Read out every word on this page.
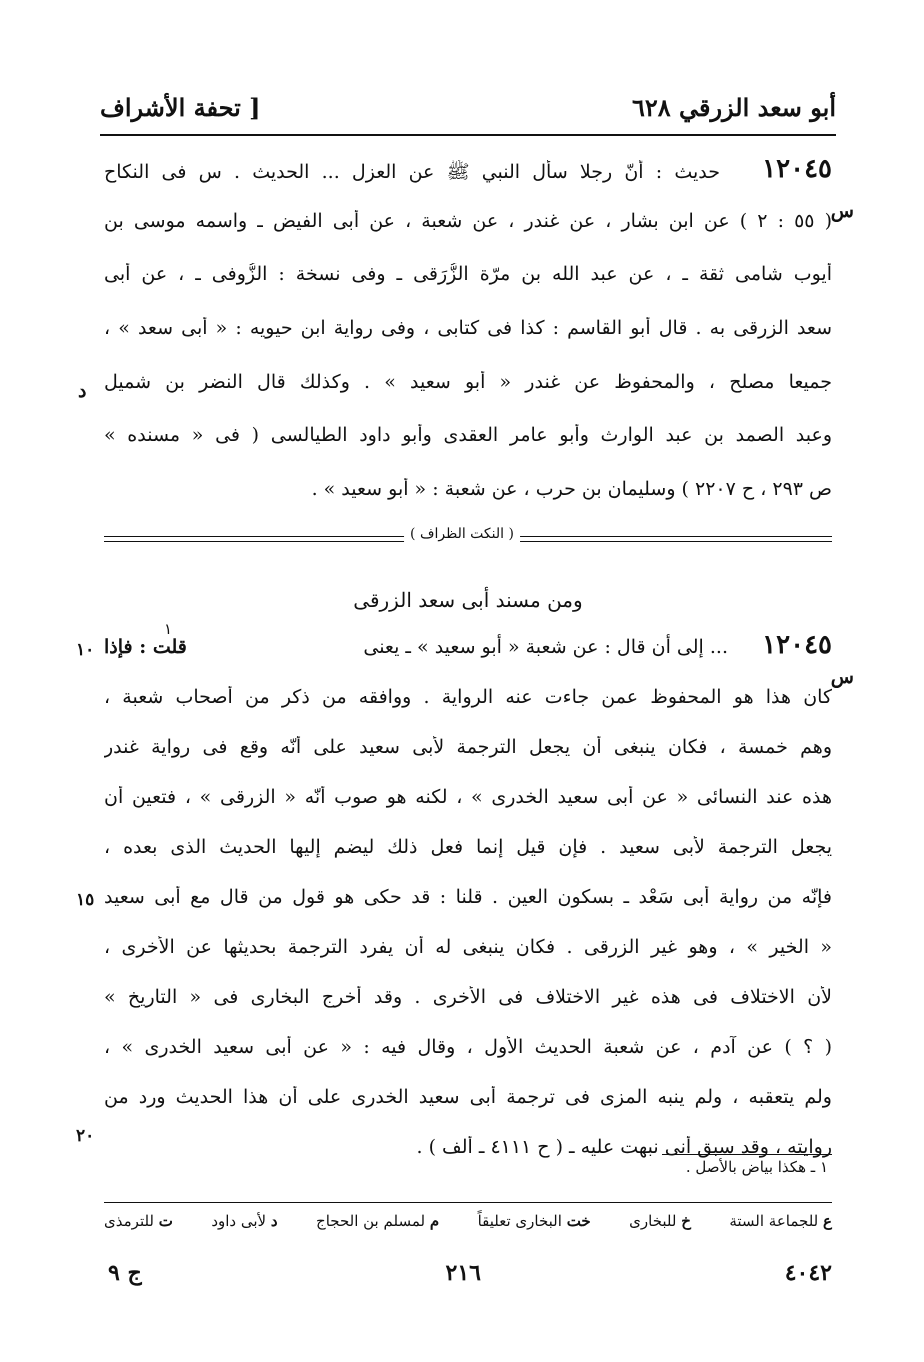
أبو سعد الزرقي ٦٢٨
[ تحفة الأشراف
حديث : أنّ رجلا سأل النبي ﷺ عن العزل ... الحديث . س فى النكاح ١٢٠٤٥
( ٥٥ : ٢ ) عن ابن بشار ، عن غندر ، عن شعبة ، عن أبى الفيض ـ واسمه موسى بن
أيوب شامى ثقة ـ ، عن عبد الله بن مرّة الزُّرَقى ـ وفى نسخة : الزُّوفى ـ ، عن أبى
سعد الزرقى به . قال أبو القاسم : كذا فى كتابى ، وفى رواية ابن حيويه : « أبى سعد » ،
جميعا مصلح ، والمحفوظ عن غندر « أبو سعيد » . وكذلك قال النضر بن شميل
وعبد الصمد بن عبد الوارث وأبو عامر العقدى وأبو داود الطيالسى ( فى « مسنده »
ص ٢٩٣ ، ح ٢٢٠٧ ) وسليمان بن حرب ، عن شعبة : « أبو سعيد » .
س
د
( النكت الظراف )
ومن مسند أبى سعد الزرقى
١٢٠٤٥
... إلى أن قال : عن شعبة « أبو سعيد » ـ يعنى
١
قلت : فإذا
كان هذا هو المحفوظ عمن جاءت عنه الرواية . ووافقه من ذكر من أصحاب شعبة ،
وهم خمسة ، فكان ينبغى أن يجعل الترجمة لأبى سعيد على أنّه وقع فى رواية غندر
هذه عند النسائى « عن أبى سعيد الخدرى » ، لكنه هو صوب أنّه « الزرقى » ، فتعين أن
يجعل الترجمة لأبى سعيد . فإن قيل إنما فعل ذلك ليضم إليها الحديث الذى بعده ،
فإنّه من رواية أبى سَعْد ـ بسكون العين . قلنا : قد حكى هو قول من قال مع أبى سعيد
« الخير » ، وهو غير الزرقى . فكان ينبغى له أن يفرد الترجمة بحديثها عن الأخرى ،
لأن الاختلاف فى هذه غير الاختلاف فى الأخرى . وقد أخرج البخارى فى « التاريخ »
( ؟ ) عن آدم ، عن شعبة الحديث الأول ، وقال فيه : « عن أبى سعيد الخدرى » ،
ولم يتعقبه ، ولم ينبه المزى فى ترجمة أبى سعيد الخدرى على أن هذا الحديث ورد من
روايته ، وقد سبق أنى نبهت عليه ـ ( ح ٤١١١ ـ ألف ) .
س
١٠
١٥
٢٠
١ ـ هكذا بياض بالأصل .
ع للجماعة الستة
خ للبخارى
خت البخارى تعليقاً
م لمسلم بن الحجاج
د لأبى داود
ت للترمذى
٤٠٤٢
٢١٦
ج ٩
